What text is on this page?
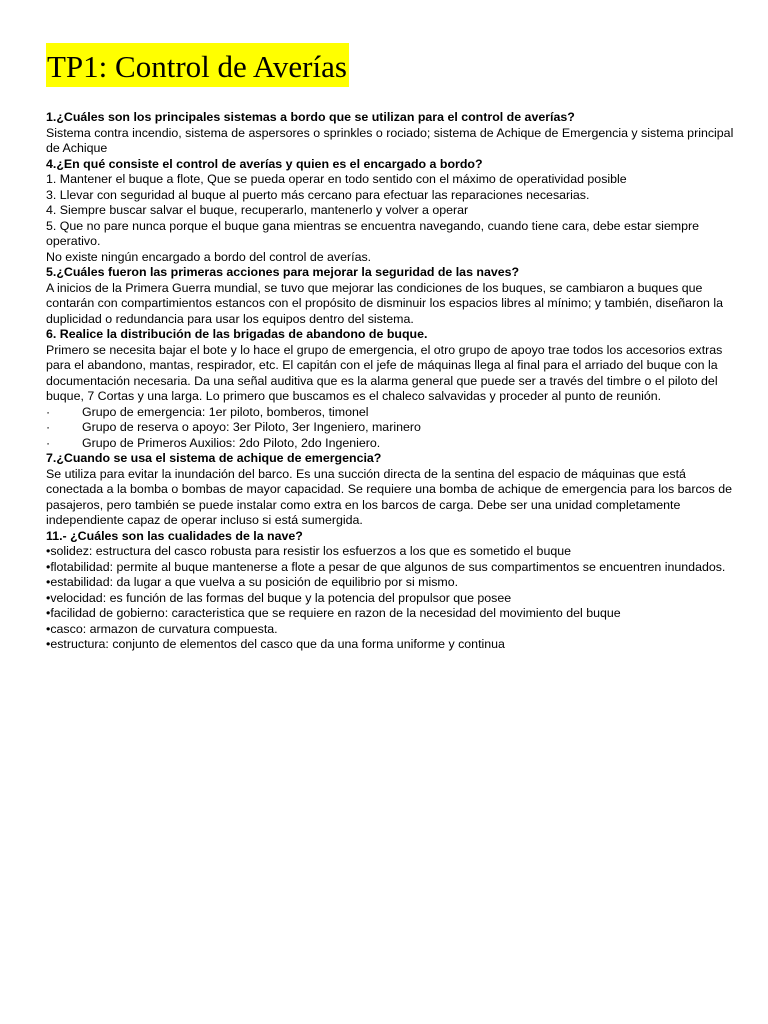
TP1: Control de Averías
1.¿Cuáles son los principales sistemas a bordo que se utilizan para el control de averías?
Sistema contra incendio, sistema de aspersores o sprinkles o rociado; sistema de Achique de Emergencia y sistema principal de Achique
4.¿En qué consiste el control de averías y quien es el encargado a bordo?
1. Mantener el buque a flote, Que se pueda operar en todo sentido con el máximo de operatividad posible
3. Llevar con seguridad al buque al puerto más cercano para efectuar las reparaciones necesarias.
4. Siempre buscar salvar el buque, recuperarlo, mantenerlo y volver a operar
5. Que no pare nunca porque el buque gana mientras se encuentra navegando, cuando tiene cara, debe estar siempre operativo.
No existe ningún encargado a bordo del control de averías.
5.¿Cuáles fueron las primeras acciones para mejorar la seguridad de las naves?
A inicios de la Primera Guerra mundial, se tuvo que mejorar las condiciones de los buques, se cambiaron a buques que contarán con compartimientos estancos con el propósito de disminuir los espacios libres al mínimo; y también, diseñaron la duplicidad o redundancia para usar los equipos dentro del sistema.
6. Realice la distribución de las brigadas de abandono de buque.
Primero se necesita bajar el bote y lo hace el grupo de emergencia, el otro grupo de apoyo trae todos los accesorios extras para el abandono, mantas, respirador, etc. El capitán con el jefe de máquinas llega al final para el arriado del buque con la documentación necesaria. Da una señal auditiva que es la alarma general que puede ser a través del timbre o el piloto del buque, 7 Cortas y una larga. Lo primero que buscamos es el chaleco salvavidas y proceder al punto de reunión.
·	Grupo de emergencia: 1er piloto, bomberos, timonel
·	Grupo de reserva o apoyo: 3er Piloto, 3er Ingeniero, marinero
·	Grupo de Primeros Auxilios: 2do Piloto, 2do Ingeniero.
7.¿Cuando se usa el sistema de achique de emergencia?
Se utiliza para evitar la inundación del barco. Es una succión directa de la sentina del espacio de máquinas que está conectada a la bomba o bombas de mayor capacidad. Se requiere una bomba de achique de emergencia para los barcos de pasajeros, pero también se puede instalar como extra en los barcos de carga. Debe ser una unidad completamente independiente capaz de operar incluso si está sumergida.
11.- ¿Cuáles son las cualidades de la nave?
•solidez: estructura del casco robusta para resistir los esfuerzos a los que es sometido el buque
•flotabilidad: permite al buque mantenerse a flote a pesar de que algunos de sus compartimentos se encuentren inundados.
•estabilidad: da lugar a que vuelva a su posición de equilibrio por si mismo.
•velocidad: es función de las formas del buque y la potencia del propulsor que posee
•facilidad de gobierno: caracteristica que se requiere en razon de la necesidad del movimiento del buque
•casco: armazon de curvatura compuesta.
•estructura: conjunto de elementos del casco que da una forma uniforme y continua
